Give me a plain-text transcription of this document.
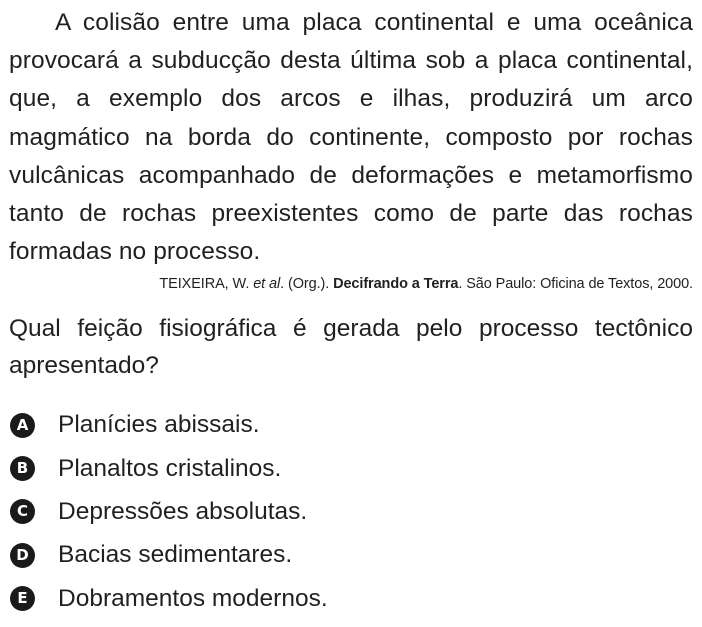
A colisão entre uma placa continental e uma oceânica provocará a subducção desta última sob a placa continental, que, a exemplo dos arcos e ilhas, produzirá um arco magmático na borda do continente, composto por rochas vulcânicas acompanhado de deformações e metamorfismo tanto de rochas preexistentes como de parte das rochas formadas no processo.

TEIXEIRA, W. et al. (Org.). Decifrando a Terra. São Paulo: Oficina de Textos, 2000.

Qual feição fisiográfica é gerada pelo processo tectônico apresentado?

A Planícies abissais.
B Planaltos cristalinos.
C Depressões absolutas.
D Bacias sedimentares.
E	Dobramentos modernos.
